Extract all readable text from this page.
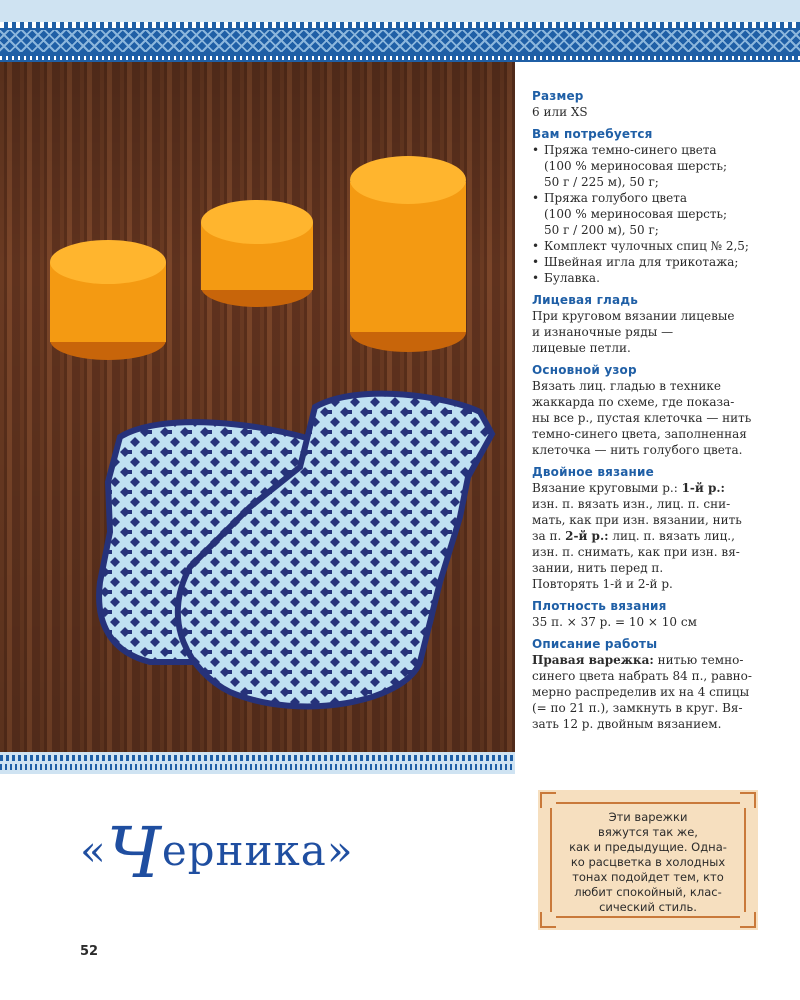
Размер

6 или XS

Вам потребуется
• Пряжа темно-синего цвета
(100 % мериносовая шерсть;
50 г / 225 м), 50 г;
• Пряжа голубого цвета
(100 % мериносовая шерсть;
50 г / 200 м), 50 г;
• Комплект чулочных спиц № 2,5;
• Швейная игла для трикотажа;
• Булавка.
Лицевая гладь

При круговом вязании лицевые
и изнаночные ряды —
лицевые петли.

Основной узор

Вязать лиц. гладью в технике
жаккарда по схеме, где показа-
ны все р., пустая клеточка — нить
темно-синего цвета, заполненная
клеточка — нить голубого цвета.

Двойное вязание

Вязание круговыми р.: 1-й р.:
изн. п. вязать изн., лиц. п. сни-
мать, как при изн. вязании, нить
за п. 2-й р.: лиц. п. вязать лиц.,
изн. п. снимать, как при изн. вя-
зании, нить перед п.
Повторять 1-й и 2-й р.

Плотность вязания

35 п. × 37 р. = 10 × 10 см

Описание работы

Правая варежка: нитью темно-
синего цвета набрать 84 п., равно-
мерно распределив их на 4 спицы
(= по 21 п.), замкнуть в круг. Вя-
зать 12 р. двойным вязанием.

«Черника»
Эти варежки
вяжутся так же,
как и предыдущие. Одна-
ко расцветка в холодных
тонах подойдет тем, кто
любит спокойный, клас-
сический стиль.
52
